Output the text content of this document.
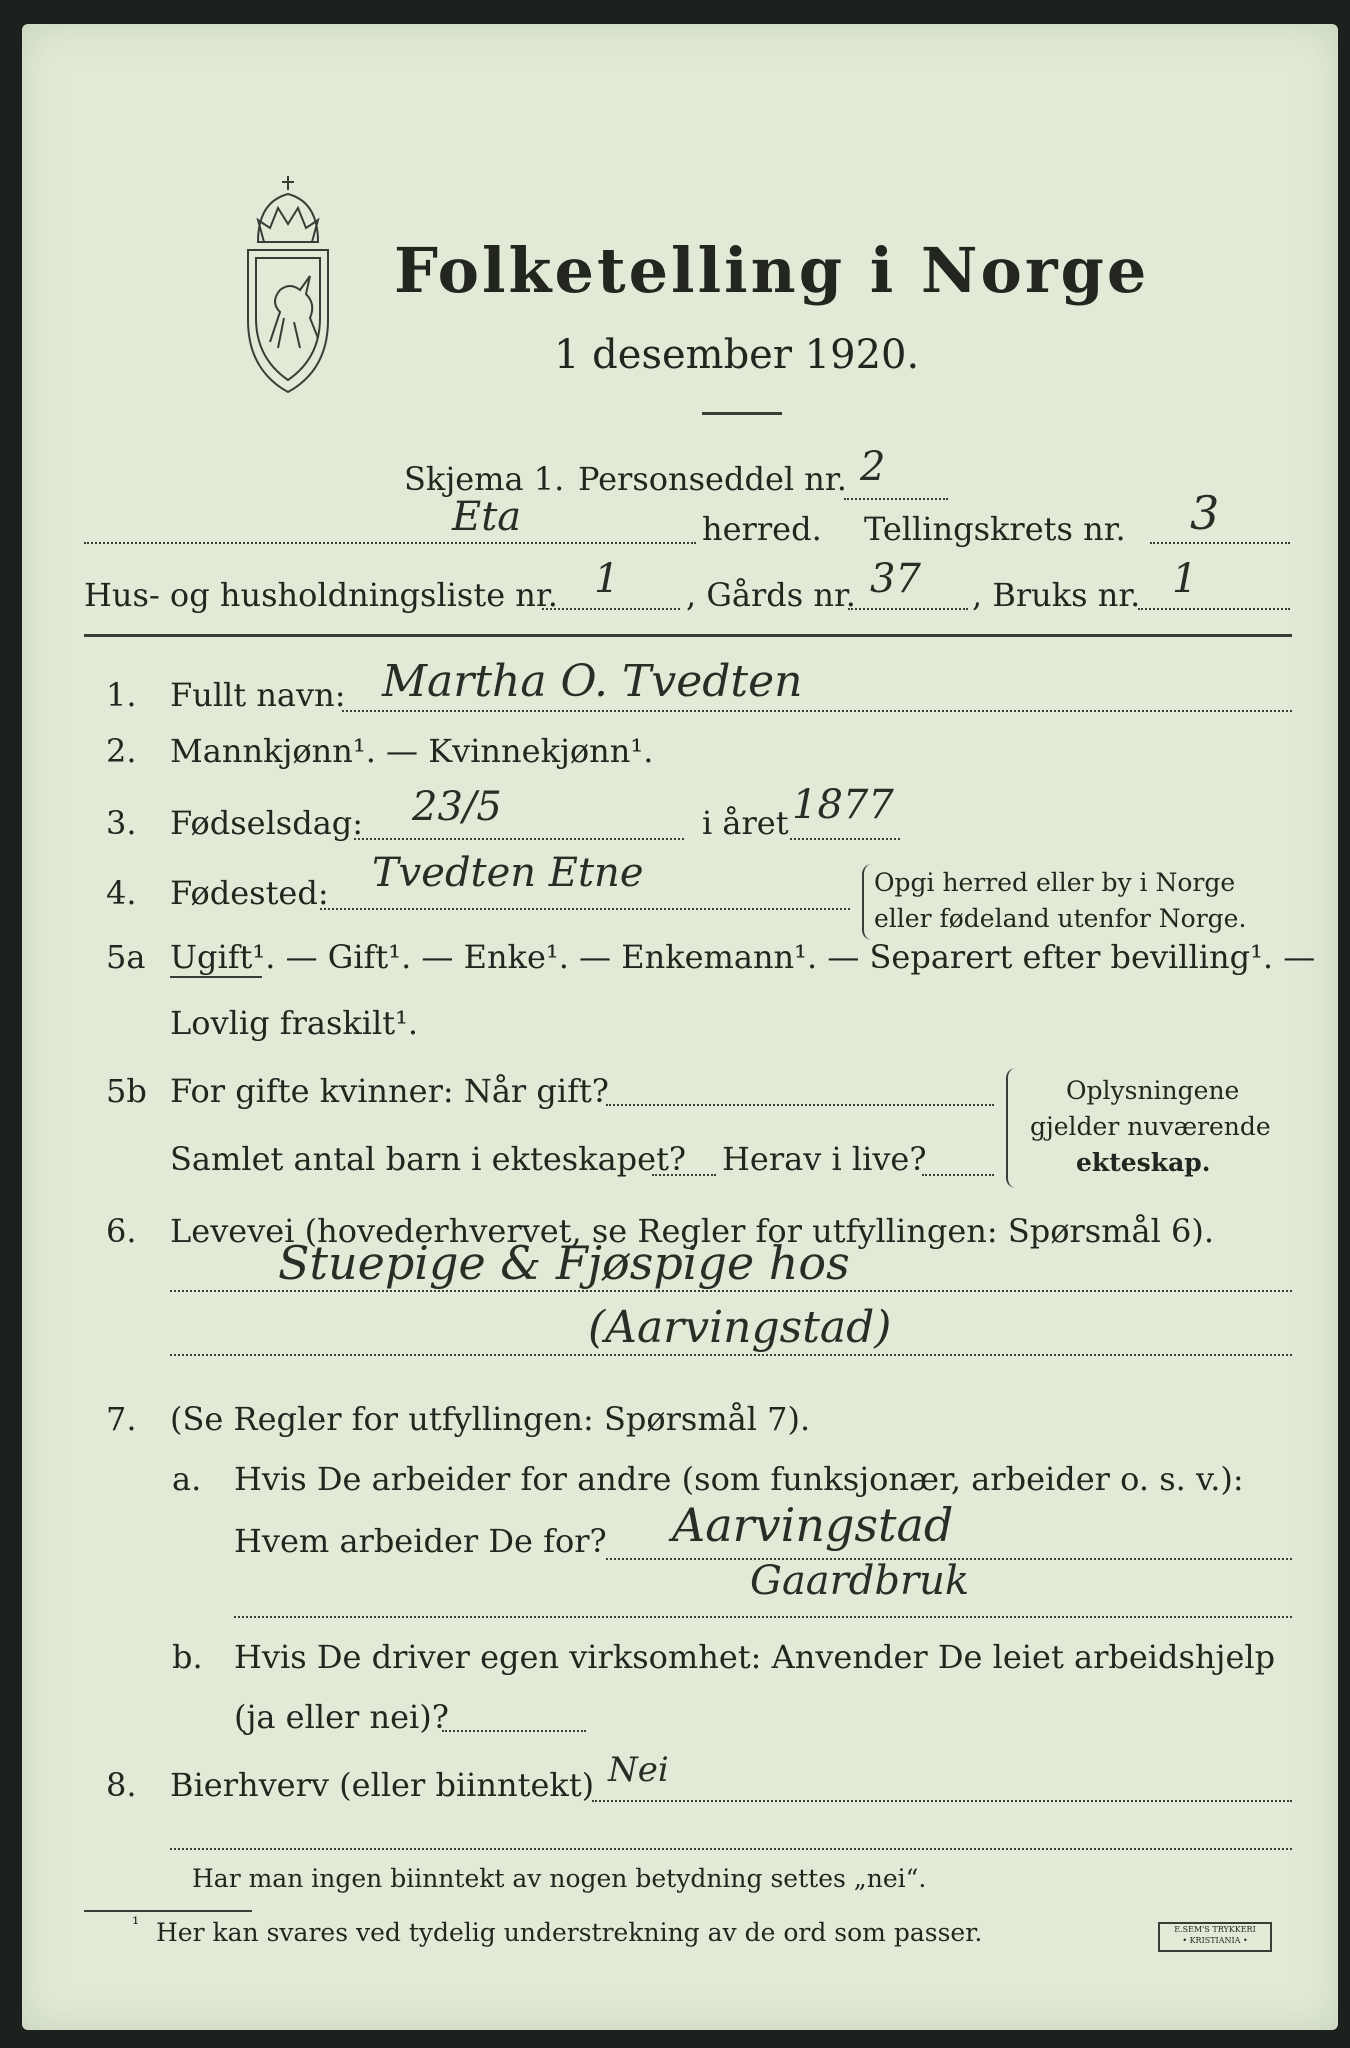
Folketelling i Norge
1 desember 1920.
Skjema 1. Personseddel nr. 2
Eta	herred. Tellingskrets nr. 3
Hus- og husholdningsliste nr. 1 , Gårds nr. 37 , Bruks nr. 1
1. Fullt navn: Martha O. Tvedten
2. Mannkjønn¹. — Kvinnekjønn¹.
3. Fødselsdag: 23/5	i året 1877
4. Fødested: Tvedten Etne	Opgi herred eller by i Norge
eller fødeland utenfor Norge.
5a Ugift¹. — Gift¹. — Enke¹. — Enkemann¹. — Separert efter bevilling¹. —
Lovlig fraskilt¹.
5b For gifte kvinner: Når gift?
Samlet antal barn i ekteskapet? Herav i live?
Oplysningene
gjelder nuværende
ekteskap.
6. Levevei (hovederhvervet, se Regler for utfyllingen: Spørsmål 6).
Stuepige & Fjøspige hos
(Aarvingstad)
7. (Se Regler for utfyllingen: Spørsmål 7).
a. Hvis De arbeider for andre (som funksjonær, arbeider o. s. v.):
Hvem arbeider De for? Aarvingstad
Gaardbruk
b. Hvis De driver egen virksomhet: Anvender De leiet arbeidshjelp
(ja eller nei)?
8. Bierhverv (eller biinntekt) Nei
Har man ingen biinntekt av nogen betydning settes „nei“.
¹ Her kan svares ved tydelig understrekning av de ord som passer.	E.SEM'S TRYKKERI
• KRISTIANIA •
